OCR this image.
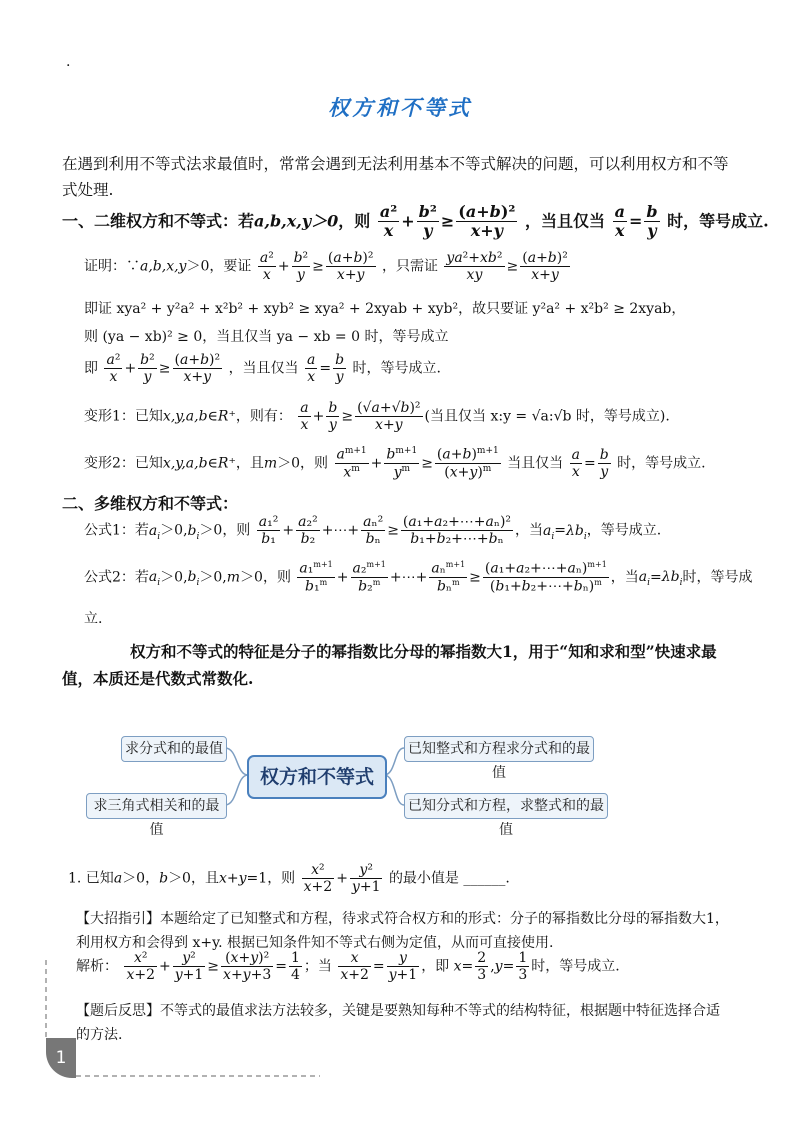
.
权方和不等式
在遇到利用不等式法求最值时，常常会遇到无法利用基本不等式解决的问题，可以利用权方和不等
式处理.
一、二维权方和不等式：若a,b,x,y＞0，则 $\frac{\text{a²}}{x} + \frac{\text{b²}}{y} \ge \frac{\text{(a+b)²}}{x+y}$ ，当且仅当 $\frac{a}{x} = \frac{b}{y}$ 时，等号成立.
证明：∵a,b,x,y＞0，要证 $\frac{\text{a²}}{x} + \frac{\text{b²}}{y} \ge \frac{\text{(a+b)²}}{x+y}$ ，只需证 $\frac{\text{ya²+xb²}}{xy} \ge \frac{\text{(a+b)²}}{x+y}$
即证 xya² + y²a² + x²b² + xyb² ≥ xya² + 2xyab + xyb²，故只要证 y²a² + x²b² ≥ 2xyab，
则 (ya − xb)² ≥ 0，当且仅当 ya − xb = 0 时，等号成立
即 $\frac{\text{a²}}{x} + \frac{\text{b²}}{y} \ge \frac{\text{(a+b)²}}{x+y}$ ，当且仅当 $\frac{a}{x} = \frac{b}{y}$ 时，等号成立.
变形1：已知x,y,a,b∈R⁺，则有： $\frac{a}{x} + \frac{b}{y} \ge \frac{\text{(√a+√b)²}}{x+y}$ (当且仅当 x:y = √a:√b 时，等号成立).
变形2：已知x,y,a,b∈R⁺，且m＞0，则 $\frac{a^{m+1}}{x^m} + \frac{b^{m+1}}{y^m} \ge \frac{(a+b)^{m+1}}{(x+y)^m}$ 当且仅当 $\frac{a}{x} = \frac{b}{y}$ 时，等号成立.
二、多维权方和不等式：
公式1：若$a_i>0,b_i>0$，则 $\frac{\text{a₁²}}{\text{b₁}} + \frac{\text{a₂²}}{\text{b₂}}$ +⋯+ $\frac{\text{aₙ²}}{\text{bₙ}} \ge \frac{\text{(a₁+a₂+⋯+aₙ)²}}{\text{b₁+b₂+⋯+bₙ}}$ ，当$a_i=\lambda b_i$，等号成立.
公式2：若$a_i>0,b_i>0,m>0$，则 $\frac{a_1^{m+1}}{b_1^m} + \frac{a_2^{m+1}}{b_2^m}$ +⋯+ $\frac{a_n^{m+1}}{b_n^m} \ge \frac{(a_1+a_2+\cdots+a_n)^{m+1}}{(b_1+b_2+\cdots+b_n)^m}$ ，当$a_i=\lambda b_i$时，等号成
立.
权方和不等式的特征是分子的幂指数比分母的幂指数大1，用于“知和求和型”快速求最
值，本质还是代数式常数化.
权方和不等式
求分式和的最值
求三角式相关和的最值
已知整式和方程求分式和的最值
已知分式和方程，求整式和的最值
1. 已知a＞0，b＞0，且x+y=1，则 $\frac{\text{x²}}{x+2} + \frac{\text{y²}}{y+1}$ 的最小值是 ______.
【大招指引】本题给定了已知整式和方程，待求式符合权方和的形式：分子的幂指数比分母的幂指数大1，
利用权方和会得到 x+y. 根据已知条件知不等式右侧为定值，从而可直接使用.
解析： $\frac{\text{x²}}{x+2} + \frac{\text{y²}}{y+1} \ge \frac{\text{(x+y)²}}{x+y+3} = \frac{1}{4}$ ；当 $\frac{x}{x+2} = \frac{y}{y+1}$ ，即 $x= \frac{2}{3} ,y= \frac{1}{3}$ 时，等号成立.
【题后反思】不等式的最值求法方法较多，关键是要熟知每种不等式的结构特征，根据题中特征选择合适
的方法.
1
